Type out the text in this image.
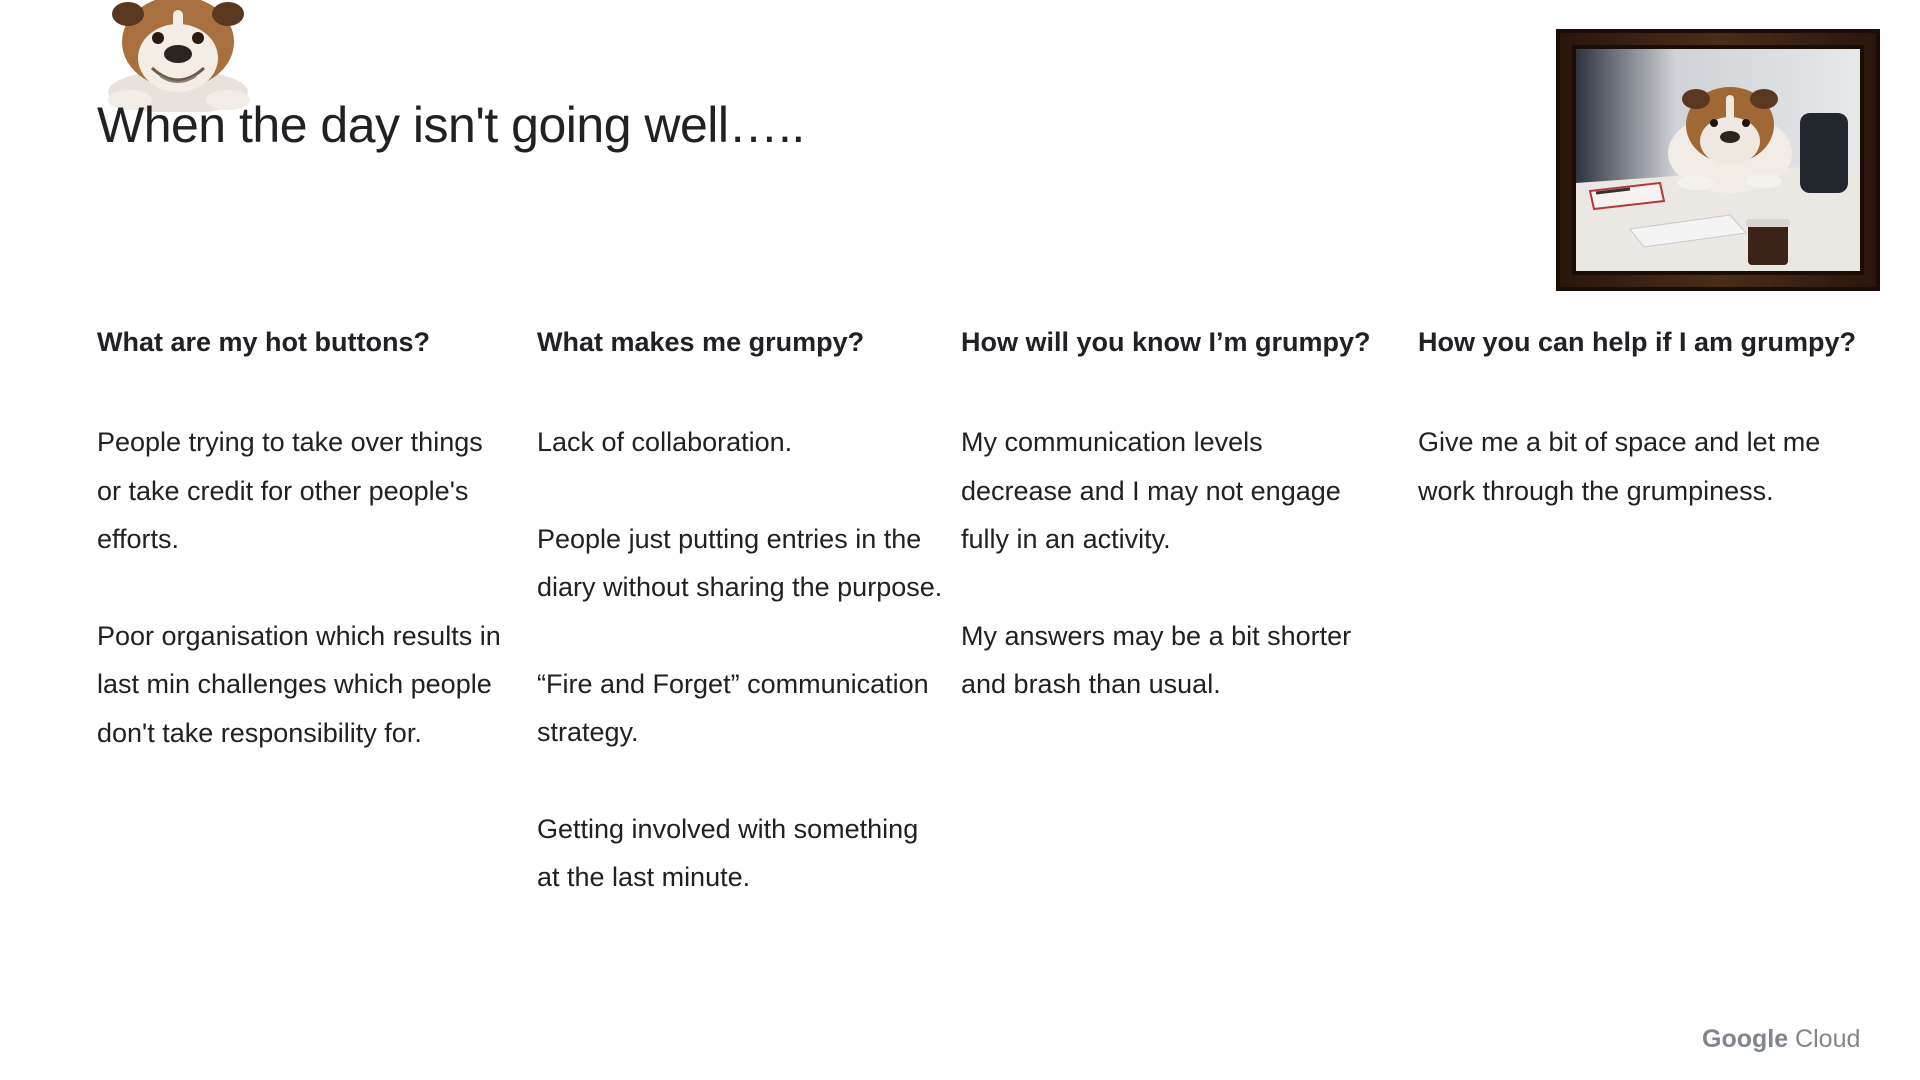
When the day isn't going well…..
What are my hot buttons?

People trying to take over things or take credit for other people's efforts.

Poor organisation which results in last min challenges which people don't take responsibility for.

What makes me grumpy?

Lack of collaboration.

People just putting entries in the diary without sharing the purpose.

“Fire and Forget” communication strategy.

Getting involved with something at the last minute.

How will you know I’m grumpy?

My communication levels decrease and I may not engage fully in an activity.

My answers may be a bit shorter and brash than usual.

How you can help if I am grumpy?

Give me a bit of space and let me work through the grumpiness.

Google Cloud
